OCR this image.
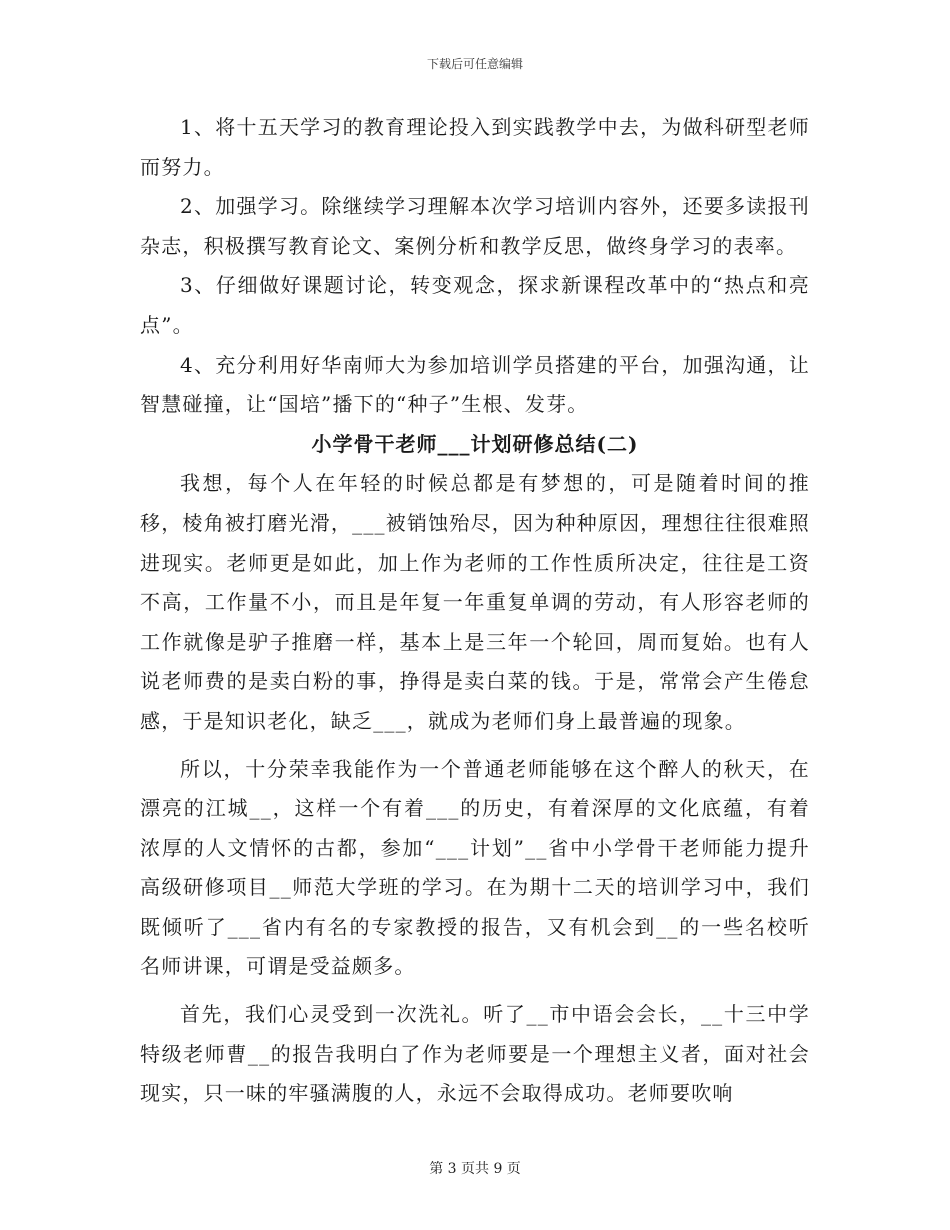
下载后可任意编辑

1、将十五天学习的教育理论投入到实践教学中去，为做科研型老师而努力。

2、加强学习。除继续学习理解本次学习培训内容外，还要多读报刊杂志，积极撰写教育论文、案例分析和教学反思，做终身学习的表率。

3、仔细做好课题讨论，转变观念，探求新课程改革中的“热点和亮点”。

4、充分利用好华南师大为参加培训学员搭建的平台，加强沟通，让智慧碰撞，让“国培”播下的“种子”生根、发芽。

小学骨干老师___计划研修总结(二)

我想，每个人在年轻的时候总都是有梦想的，可是随着时间的推移，棱角被打磨光滑，___被销蚀殆尽，因为种种原因，理想往往很难照进现实。老师更是如此，加上作为老师的工作性质所决定，往往是工资不高，工作量不小，而且是年复一年重复单调的劳动，有人形容老师的工作就像是驴子推磨一样，基本上是三年一个轮回，周而复始。也有人说老师费的是卖白粉的事，挣得是卖白菜的钱。于是，常常会产生倦怠感，于是知识老化，缺乏___，就成为老师们身上最普遍的现象。

所以，十分荣幸我能作为一个普通老师能够在这个醉人的秋天，在漂亮的江城__，这样一个有着___的历史，有着深厚的文化底蕴，有着浓厚的人文情怀的古都，参加“___计划”__省中小学骨干老师能力提升高级研修项目__师范大学班的学习。在为期十二天的培训学习中，我们既倾听了___省内有名的专家教授的报告，又有机会到__的一些名校听名师讲课，可谓是受益颇多。

首先，我们心灵受到一次洗礼。听了__市中语会会长，__十三中学特级老师曹__的报告我明白了作为老师要是一个理想主义者，面对社会现实，只一味的牢骚满腹的人，永远不会取得成功。老师要吹响

第 3 页共 9 页
